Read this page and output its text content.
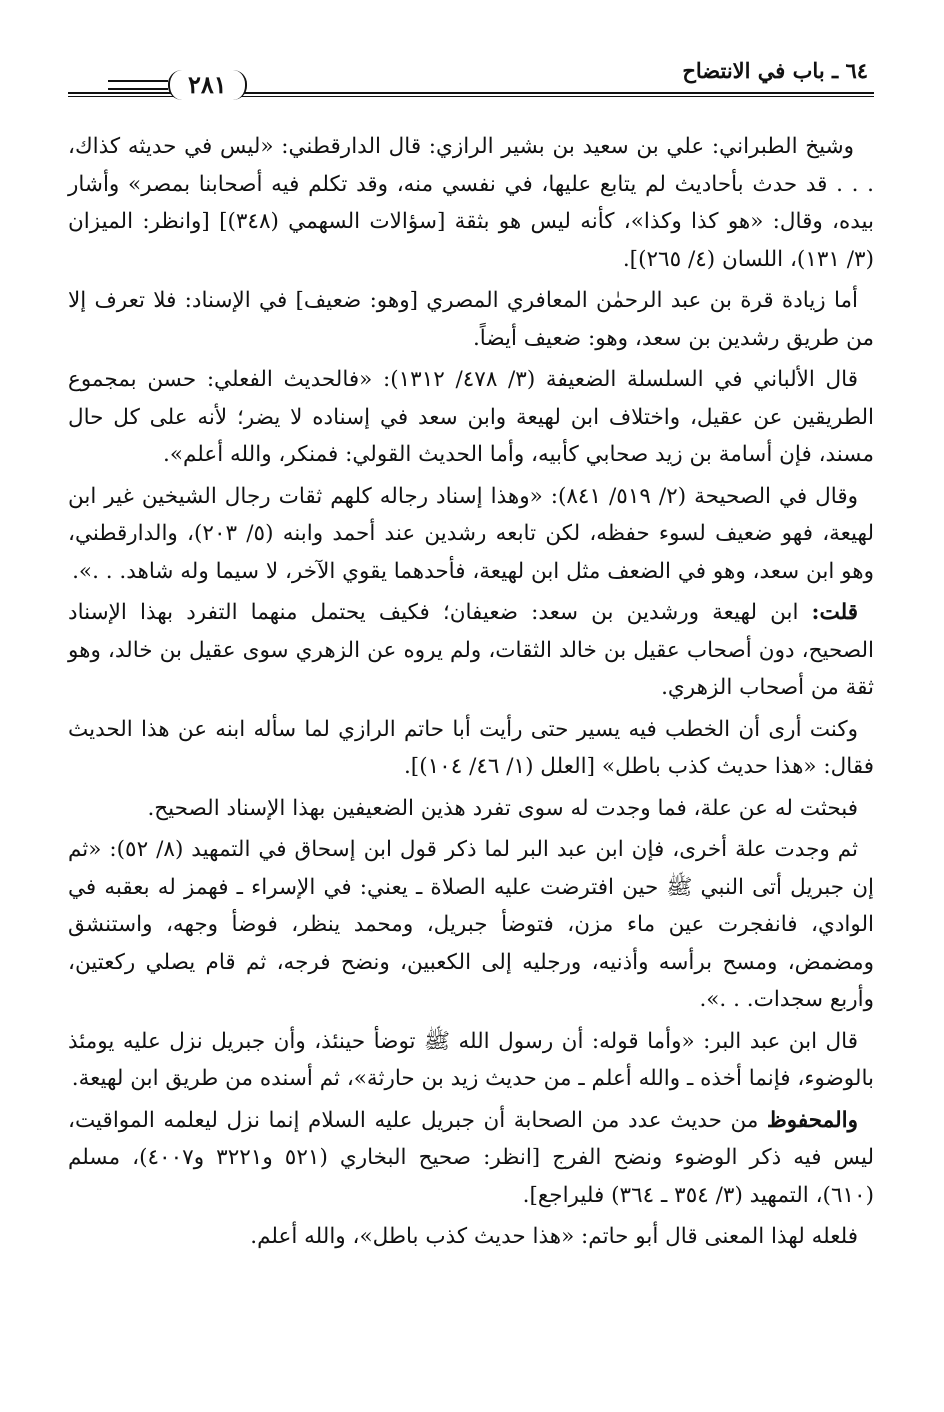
٦٤ ـ باب في الانتضاح
٢٨١

وشيخ الطبراني: علي بن سعيد بن بشير الرازي: قال الدارقطني: «ليس في حديثه كذاك، . . . قد حدث بأحاديث لم يتابع عليها، في نفسي منه، وقد تكلم فيه أصحابنا بمصر» وأشار بيده، وقال: «هو كذا وكذا»، كأنه ليس هو بثقة [سؤالات السهمي (٣٤٨)] [وانظر: الميزان (٣/ ١٣١)، اللسان (٤/ ٢٦٥)].

أما زيادة قرة بن عبد الرحمٰن المعافري المصري [وهو: ضعيف] في الإسناد: فلا تعرف إلا من طريق رشدين بن سعد، وهو: ضعيف أيضاً.

قال الألباني في السلسلة الضعيفة (٣/ ٤٧٨/ ١٣١٢): «فالحديث الفعلي: حسن بمجموع الطريقين عن عقيل، واختلاف ابن لهيعة وابن سعد في إسناده لا يضر؛ لأنه على كل حال مسند، فإن أسامة بن زيد صحابي كأبيه، وأما الحديث القولي: فمنكر، والله أعلم».

وقال في الصحيحة (٢/ ٥١٩/ ٨٤١): «وهذا إسناد رجاله كلهم ثقات رجال الشيخين غير ابن لهيعة، فهو ضعيف لسوء حفظه، لكن تابعه رشدين عند أحمد وابنه (٥/ ٢٠٣)، والدارقطني، وهو ابن سعد، وهو في الضعف مثل ابن لهيعة، فأحدهما يقوي الآخر، لا سيما وله شاهد. . .».

قلت: ابن لهيعة ورشدين بن سعد: ضعيفان؛ فكيف يحتمل منهما التفرد بهذا الإسناد الصحيح، دون أصحاب عقيل بن خالد الثقات، ولم يروه عن الزهري سوى عقيل بن خالد، وهو ثقة من أصحاب الزهري.

وكنت أرى أن الخطب فيه يسير حتى رأيت أبا حاتم الرازي لما سأله ابنه عن هذا الحديث فقال: «هذا حديث كذب باطل» [العلل (١/ ٤٦/ ١٠٤)].

فبحثت له عن علة، فما وجدت له سوى تفرد هذين الضعيفين بهذا الإسناد الصحيح.

ثم وجدت علة أخرى، فإن ابن عبد البر لما ذكر قول ابن إسحاق في التمهيد (٨/ ٥٢): «ثم إن جبريل أتى النبي ﷺ حين افترضت عليه الصلاة ـ يعني: في الإسراء ـ فهمز له بعقبه في الوادي، فانفجرت عين ماء مزن، فتوضأ جبريل، ومحمد ينظر، فوضأ وجهه، واستنشق ومضمض، ومسح برأسه وأذنيه، ورجليه إلى الكعبين، ونضح فرجه، ثم قام يصلي ركعتين، وأربع سجدات. . .».

قال ابن عبد البر: «وأما قوله: أن رسول الله ﷺ توضأ حينئذ، وأن جبريل نزل عليه يومئذ بالوضوء، فإنما أخذه ـ والله أعلم ـ من حديث زيد بن حارثة»، ثم أسنده من طريق ابن لهيعة.

والمحفوظ من حديث عدد من الصحابة أن جبريل عليه السلام إنما نزل ليعلمه المواقيت، ليس فيه ذكر الوضوء ونضح الفرج [انظر: صحيح البخاري (٥٢١ و٣٢٢١ و٤٠٠٧)، مسلم (٦١٠)، التمهيد (٣/ ٣٥٤ ـ ٣٦٤) فليراجع].

فلعله لهذا المعنى قال أبو حاتم: «هذا حديث كذب باطل»، والله أعلم.
